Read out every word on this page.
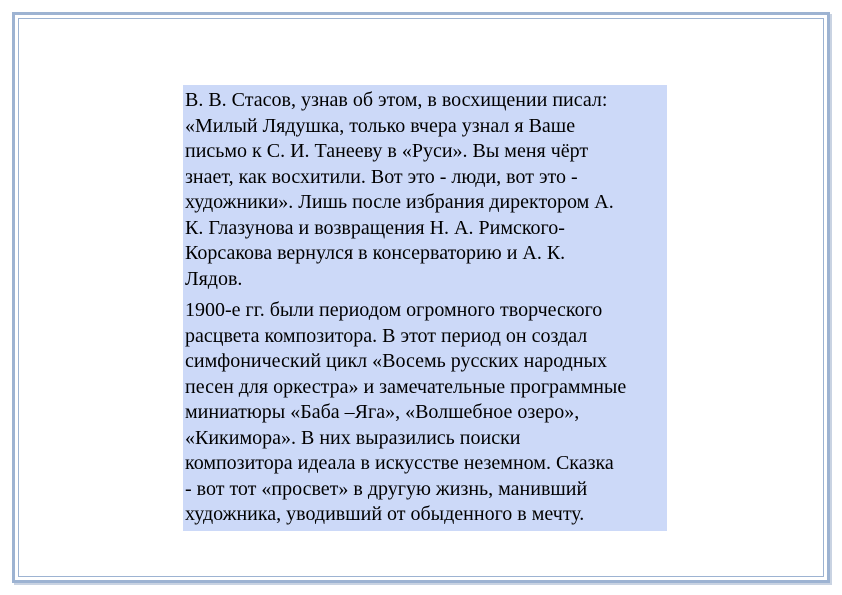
В. В. Стасов, узнав об этом, в восхищении писал:
«Милый Лядушка, только вчера узнал я Ваше
письмо к С. И. Танееву в «Руси». Вы меня чёрт
знает, как восхитили. Вот это - люди, вот это -
художники». Лишь после избрания директором А.
К. Глазунова и возвращения Н. А. Римского-
Корсакова вернулся в консерваторию и А. К.
Лядов.

1900-е гг. были периодом огромного творческого
расцвета композитора. В этот период он создал
симфонический цикл «Восемь русских народных
песен для оркестра» и замечательные программные
миниатюры «Баба –Яга», «Волшебное озеро»,
«Кикимора». В них выразились поиски
композитора идеала в искусстве неземном. Сказка
- вот тот «просвет» в другую жизнь, манивший
художника, уводивший от обыденного в мечту.
